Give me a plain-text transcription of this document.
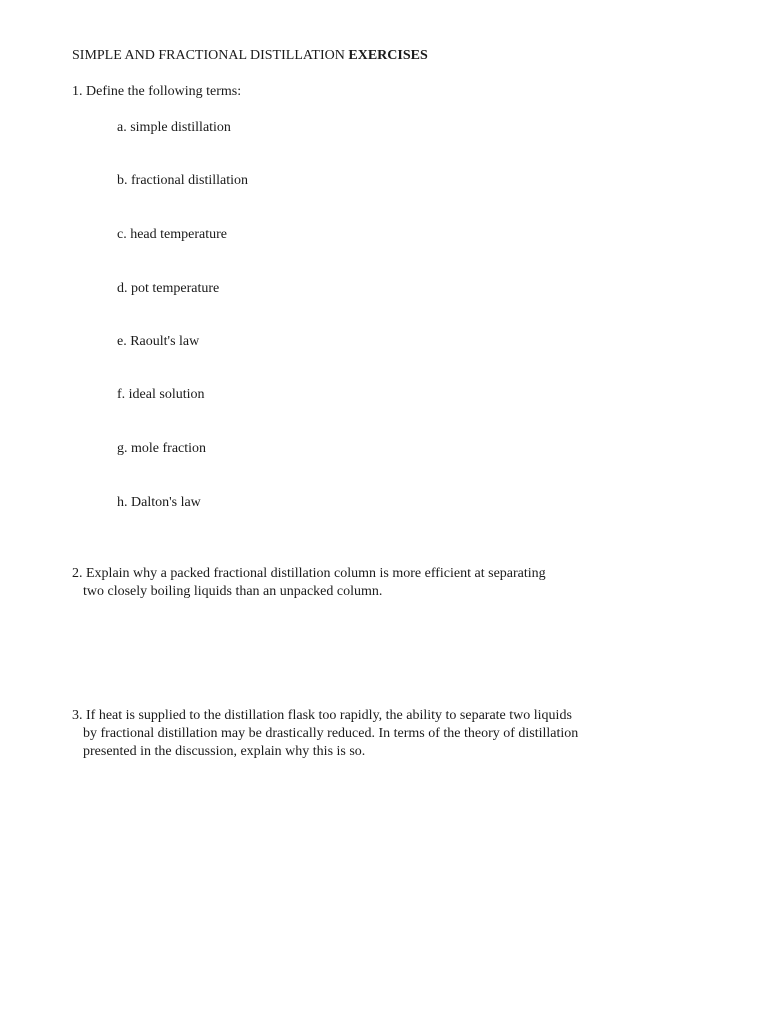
SIMPLE AND FRACTIONAL DISTILLATION EXERCISES
1. Define the following terms:
a. simple distillation
b. fractional distillation
c. head temperature
d. pot temperature
e. Raoult's law
f. ideal solution
g. mole fraction
h. Dalton's law
2. Explain why a packed fractional distillation column is more efficient at separating
two closely boiling liquids than an unpacked column.
3. If heat is supplied to the distillation flask too rapidly, the ability to separate two liquids
by fractional distillation may be drastically reduced. In terms of the theory of distillation
presented in the discussion, explain why this is so.
